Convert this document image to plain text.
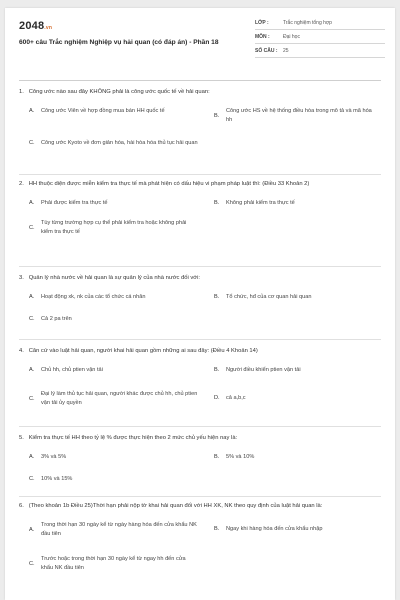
2048.vn
600+ câu Trắc nghiệm Nghiệp vụ hải quan (có đáp án) - Phần 18
LỚP :	Trắc nghiệm tổng hợp
MÔN :	Đại học
SỐ CÂU :	25
1. Công ước nào sau đây KHÔNG phải là công ước quốc tế về hải quan:
A.	Công ước Viên về hợp đồng mua bán HH quốc tế
B.
Công ước HS về hệ thống điều hòa trong mô tả và mã hóa hh
C.	Công ước Kyoto về đơn giản hóa, hài hòa hóa thủ tục hải quan
2. HH thuộc diện được miễn kiểm tra thực tế mà phát hiện có dấu hiệu vi phạm pháp luật thì: (Điều 33 Khoản 2)
A.	Phải được kiểm tra thực tế	B.	Không phải kiểm tra thực tế
C.
Tùy từng trường hợp cụ thể phải kiểm tra hoặc không phải kiểm tra thực tế
3. Quản lý nhà nước về hải quan là sự quản lý của nhà nước đối với:
A.	Hoạt động xk, nk của các tổ chức cá nhân	B.	Tổ chức, hđ của cơ quan hải quan
C.	Cả 2 pa trên
4. Căn cứ vào luật hải quan, người khai hải quan gồm những ai sau đây: (Điều 4 Khoản 14)
A.	Chủ hh, chủ ptien vận tải	B.	Người điều khiển ptien vận tải
C.
Đại lý làm thủ tục hải quan, người khác được chủ hh, chủ ptien vận tải ủy quyền
D.	cả a,b,c
5. Kiểm tra thực tế HH theo tỷ lệ % được thực hiện theo 2 mức chủ yếu hiện nay là:
A.	3% và 5%	B.	5% và 10%
C.	10% và 15%
6. (Theo khoản 1b Điều 25)Thời hạn phải nộp tờ khai hải quan đối với HH XK, NK theo quy định của luật hải quan là:
A.
Trong thời hạn 30 ngày kể từ ngày hàng hóa đến cửa khẩu NK đầu tiên
B.	Ngay khi hàng hóa đến cửa khẩu nhập
C.
Trước hoặc trong thời hạn 30 ngày kể từ ngay hh đến cửa khẩu NK đầu tiên
